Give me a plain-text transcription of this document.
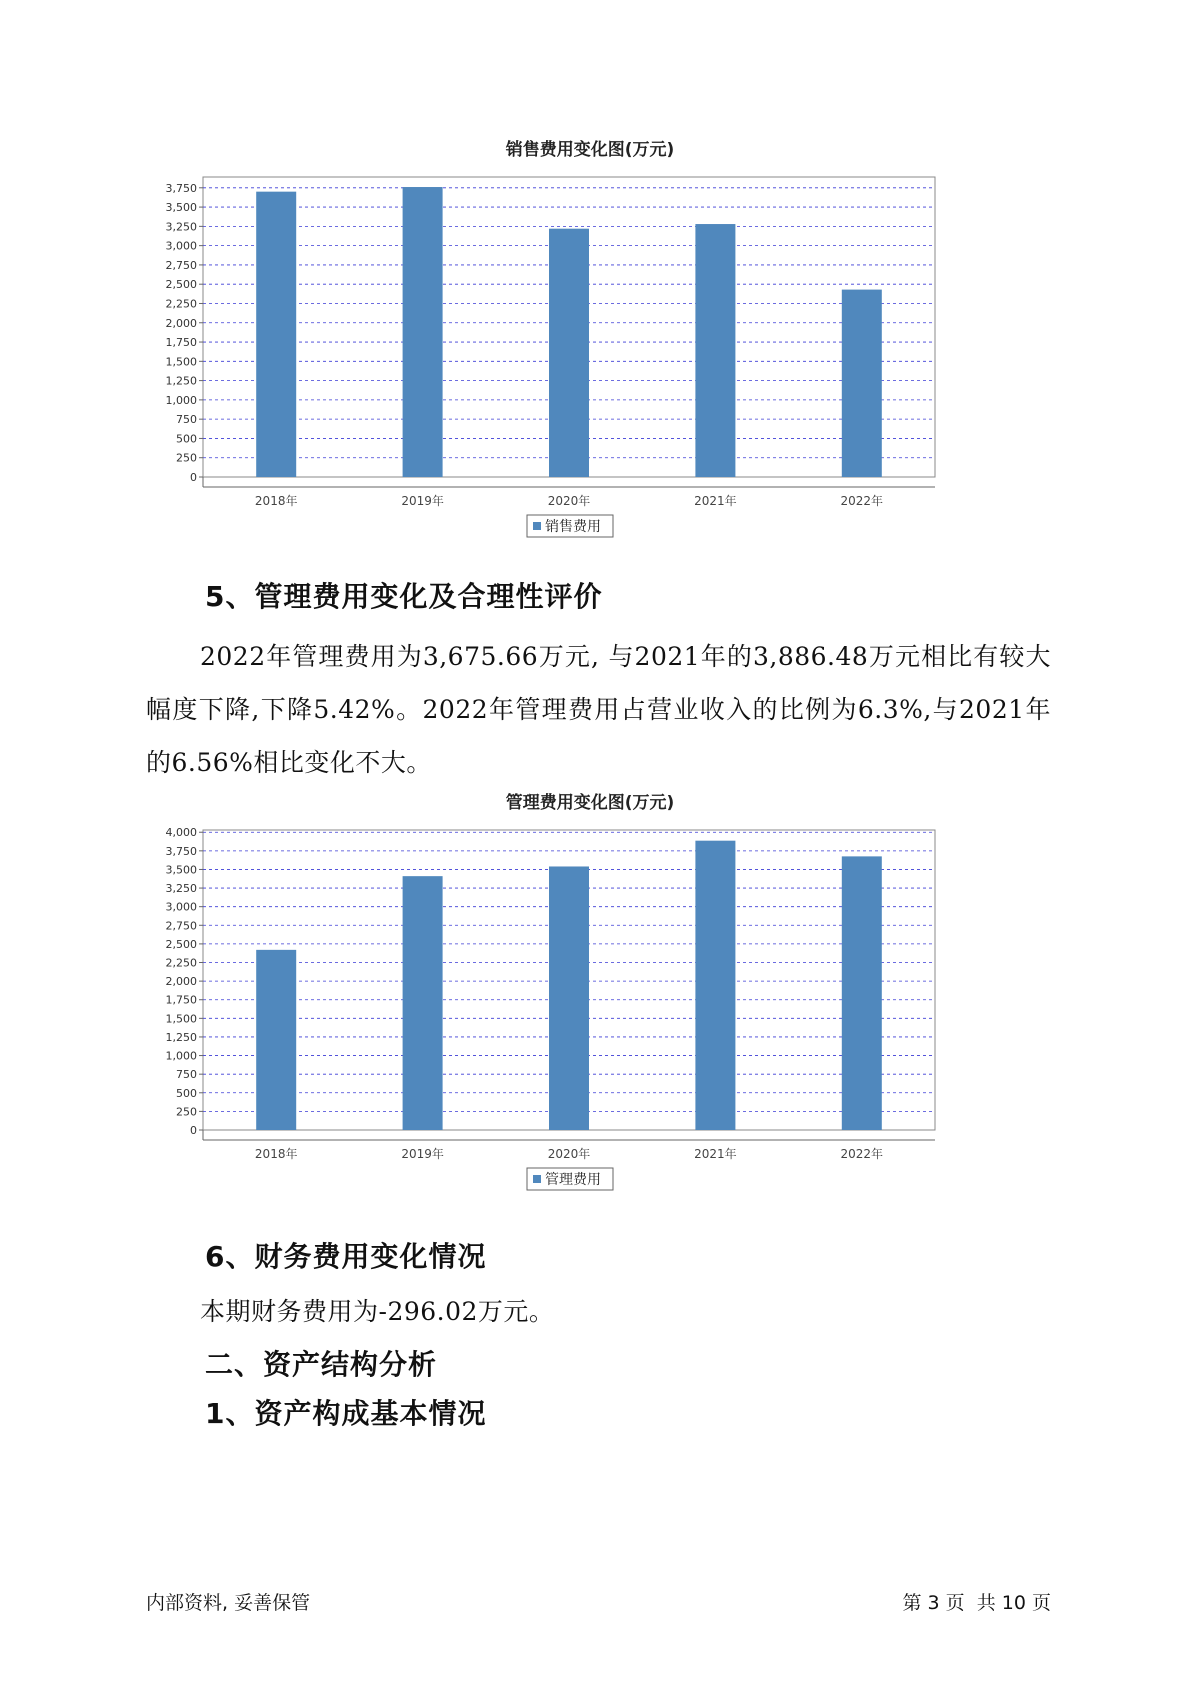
销售费用变化图(万元)
0
250
500
750
1,000
1,250
1,500
1,750
2,000
2,250
2,500
2,750
3,000
3,250
3,500
3,750
2018年	2019年	2020年	2021年	2022年
销售费用
5、管理费用变化及合理性评价

2022年管理费用为3,675.66万元, 与2021年的3,886.48万元相比有较大幅度下降,下降5.42%。2022年管理费用占营业收入的比例为6.3%,与2021年的6.56%相比变化不大。

管理费用变化图(万元)
0
250
500
750
1,000
1,250
1,500
1,750
2,000
2,250
2,500
2,750
3,000
3,250
3,500
3,750
4,000
2018年	2019年	2020年	2021年	2022年
管理费用
6、财务费用变化情况
本期财务费用为-296.02万元。
二、资产结构分析
1、资产构成基本情况
内部资料, 妥善保管	第 3 页  共 10 页
